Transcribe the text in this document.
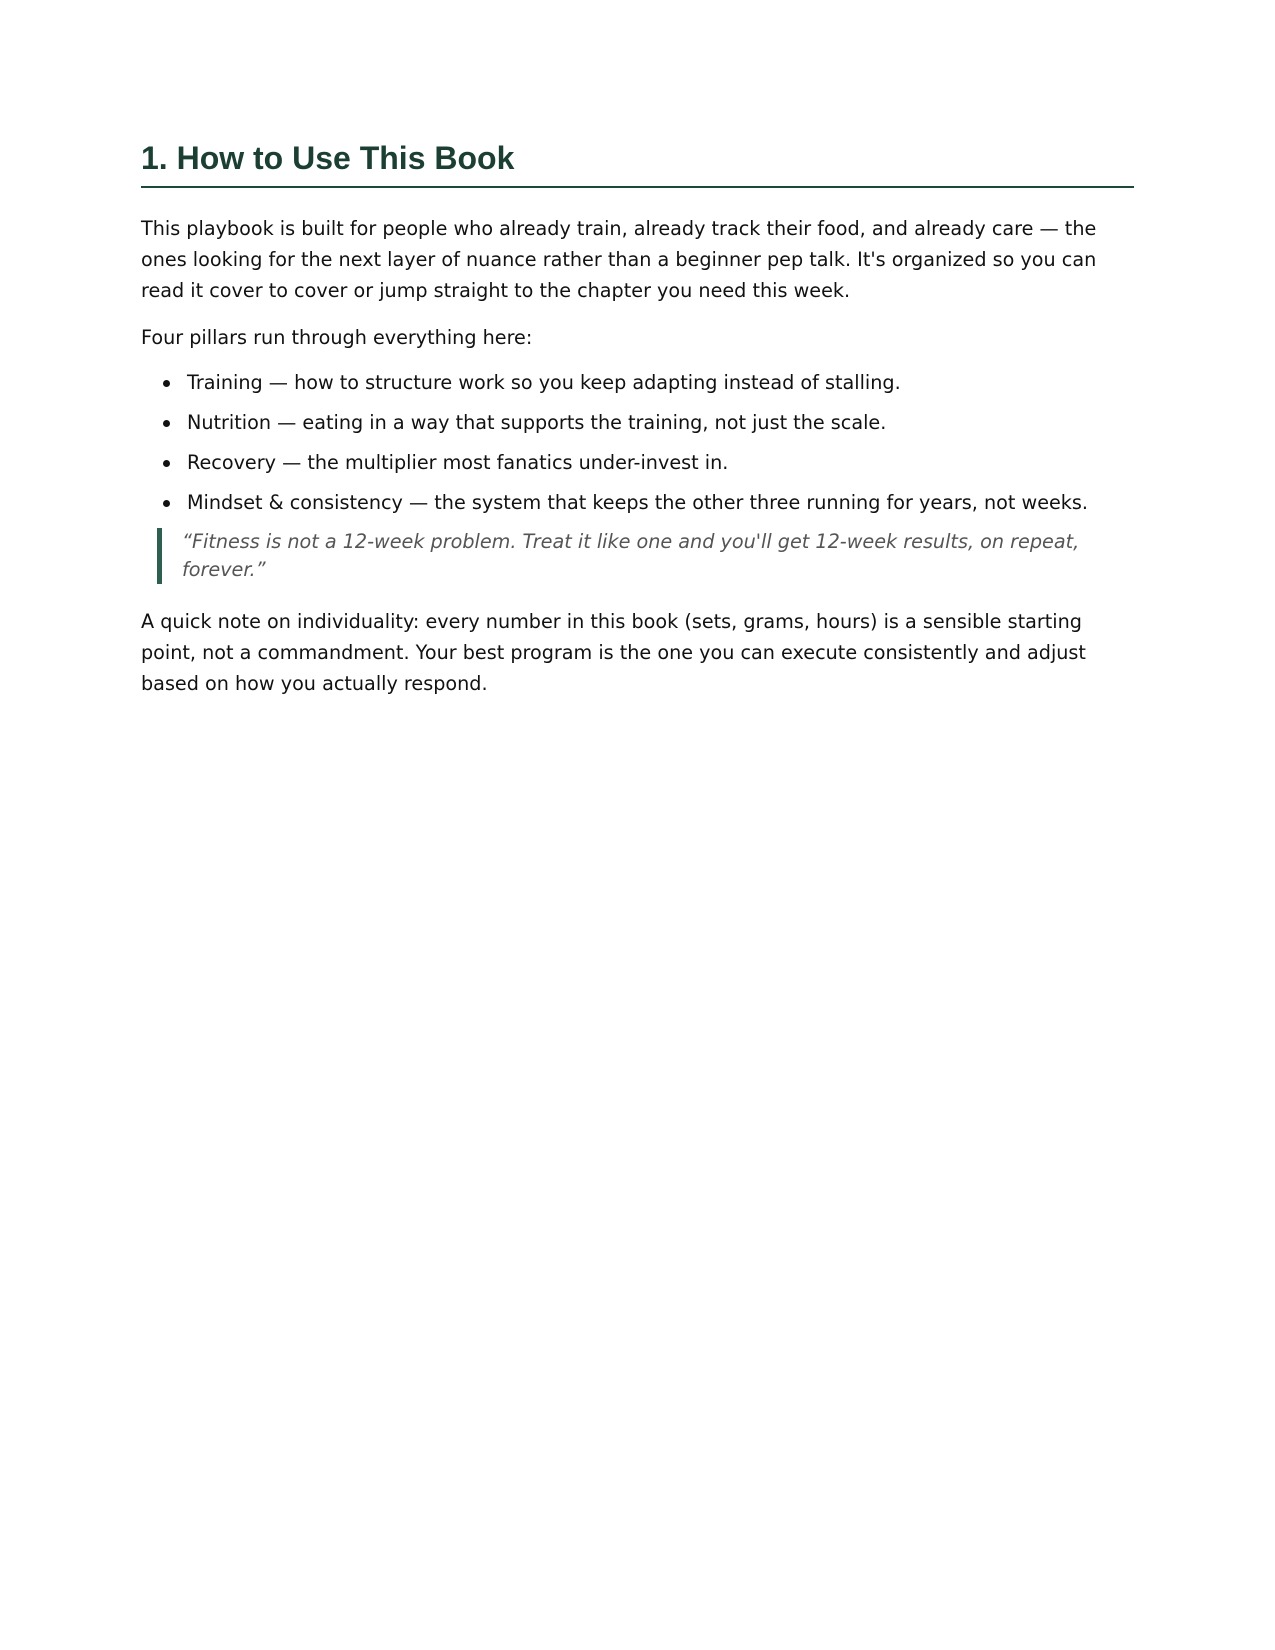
1. How to Use This Book

This playbook is built for people who already train, already track their food, and already care — the ones looking for the next layer of nuance rather than a beginner pep talk. It's organized so you can read it cover to cover or jump straight to the chapter you need this week.

Four pillars run through everything here:

Training — how to structure work so you keep adapting instead of stalling.
Nutrition — eating in a way that supports the training, not just the scale.
Recovery — the multiplier most fanatics under-invest in.
Mindset & consistency — the system that keeps the other three running for years, not weeks.
“Fitness is not a 12-week problem. Treat it like one and you'll get 12-week results, on repeat, forever.”

A quick note on individuality: every number in this book (sets, grams, hours) is a sensible starting point, not a commandment. Your best program is the one you can execute consistently and adjust based on how you actually respond.
